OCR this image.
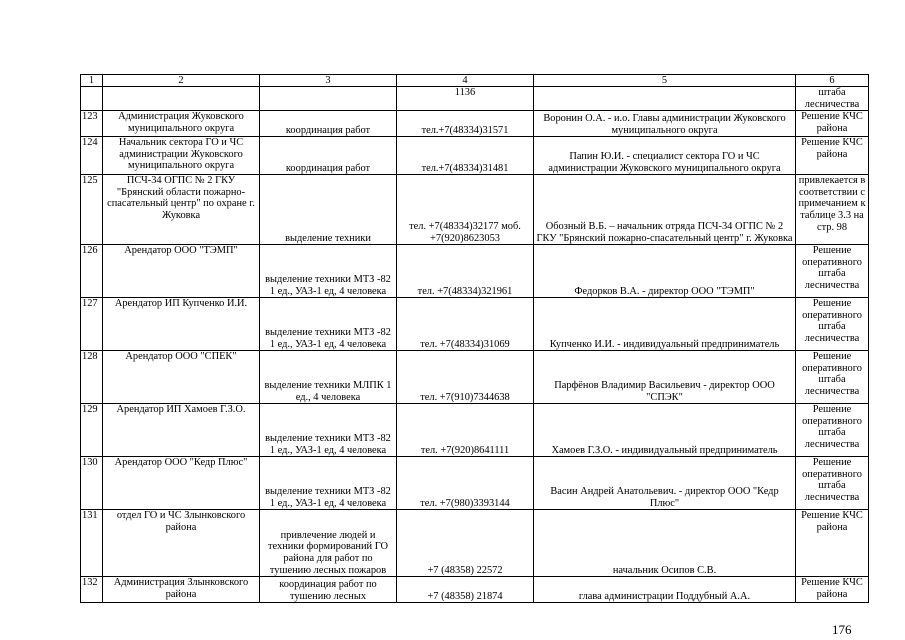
1	2	3	4	5	6
			1136		штаба лесничества
123	Администрация Жуковского муниципального округа	координация работ	тел.+7(48334)31571	Воронин О.А. - и.о. Главы администрации Жуковского муниципального округа	Решение КЧС района
124	Начальник сектора ГО и ЧС администрации Жуковского муниципального округа	координация работ	тел.+7(48334)31481	Папин Ю.И. - специалист сектора ГО и ЧС администрации Жуковского муниципального округа	Решение КЧС района
125	ПСЧ-34 ОГПС № 2 ГКУ "Брянский области пожарно-спасательный центр" по охране г. Жуковка	выделение техники	тел. +7(48334)32177 моб. +7(920)8623053	Обозный В.Б. – начальник отряда ПСЧ-34 ОГПС № 2 ГКУ "Брянский пожарно-спасательный центр" г. Жуковка	привлекается в соответствии с примечанием к таблице 3.3 на стр. 98
126	Арендатор ООО "ТЭМП"	выделение техники МТЗ -82 1 ед., УАЗ-1 ед, 4 человека	тел. +7(48334)321961	Федорков В.А. - директор ООО "ТЭМП"	Решение оперативного штаба лесничества
127	Арендатор ИП Купченко И.И.	выделение техники МТЗ -82 1 ед., УАЗ-1 ед, 4 человека	тел. +7(48334)31069	Купченко И.И. - индивидуальный предприниматель	Решение оперативного штаба лесничества
128	Арендатор ООО "СПЕК"	выделение техники МЛПК 1 ед., 4 человека	тел. +7(910)7344638	Парфёнов Владимир Васильевич - директор ООО "СПЭК"	Решение оперативного штаба лесничества
129	Арендатор ИП Хамоев Г.З.О.	выделение техники МТЗ -82 1 ед., УАЗ-1 ед, 4 человека	тел. +7(920)8641111	Хамоев Г.З.О. - индивидуальный предприниматель	Решение оперативного штаба лесничества
130	Арендатор ООО "Кедр Плюс"	выделение техники МТЗ -82 1 ед., УАЗ-1 ед, 4 человека	тел. +7(980)3393144	Васин Андрей Анатольевич. - директор ООО "Кедр Плюс"	Решение оперативного штаба лесничества
131	отдел ГО и ЧС Злынковского района	привлечение людей и техники формирований ГО района для работ по тушению лесных пожаров	+7 (48358) 22572	начальник Осипов С.В.	Решение КЧС района
132	Администрация Злынковского района	координация работ по тушению лесных	+7 (48358) 21874	глава администрации Поддубный А.А.	Решение КЧС района
176
